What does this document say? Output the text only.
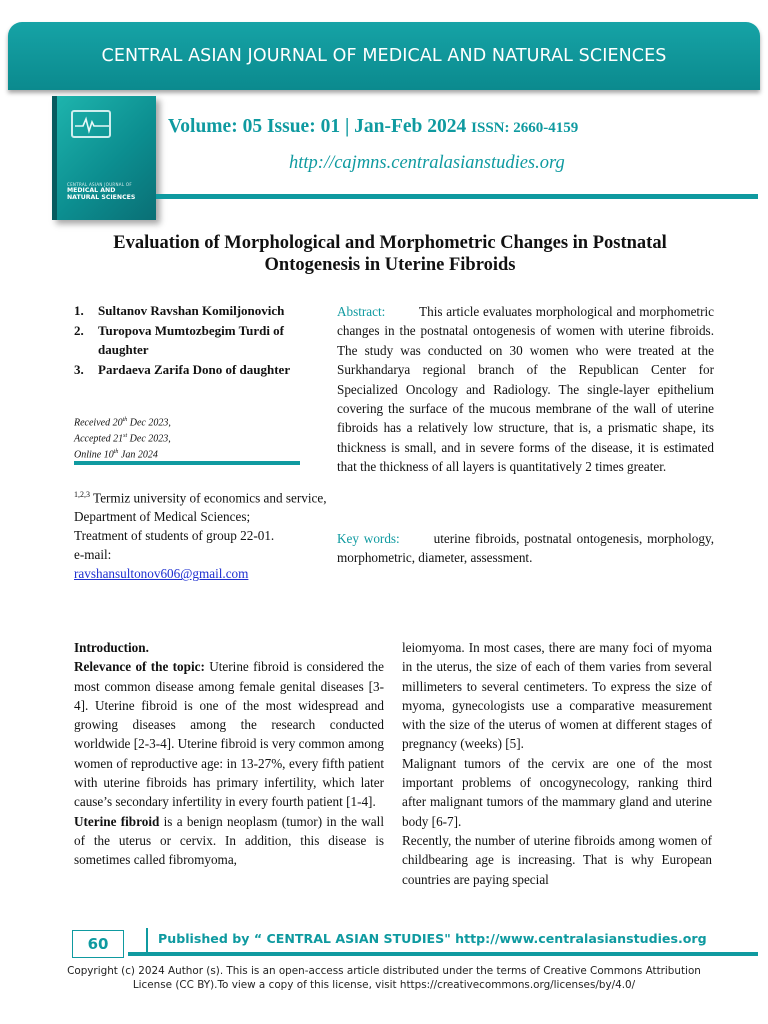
CENTRAL ASIAN JOURNAL OF MEDICAL AND NATURAL SCIENCES
CENTRAL ASIAN JOURNAL OF
MEDICAL AND
NATURAL SCIENCES
Volume: 05 Issue: 01 | Jan-Feb 2024 ISSN: 2660-4159
http://cajmns.centralasianstudies.org
Evaluation of Morphological and Morphometric Changes in Postnatal
Ontogenesis in Uterine Fibroids
1.	Sultanov Ravshan Komiljonovich
2.	Turopova Mumtozbegim Turdi of daughter
3.	Pardaeva Zarifa Dono of daughter
Received 20th Dec 2023,
Accepted 21st Dec 2023,
Online 10th Jan 2024
$^{1,2,3}$ Termiz university of economics and service,
Department of Medical Sciences;
Treatment of students of group 22-01.
e-mail:
ravshansultonov606@gmail.com
Abstract:	This article evaluates morphological and morphometric changes in the postnatal ontogenesis of women with uterine fibroids. The study was conducted on 30 women who were treated at the Surkhandarya regional branch of the Republican Center for Specialized Oncology and Radiology. The single-layer epithelium covering the surface of the mucous membrane of the wall of uterine fibroids has a relatively low structure, that is, a prismatic shape, its thickness is small, and in severe forms of the disease, it is estimated that the thickness of all layers is quantitatively 2 times greater.
Key words:	uterine fibroids, postnatal ontogenesis, morphology, morphometric, diameter, assessment.

Introduction.

Relevance of the topic: Uterine fibroid is considered the most common disease among female genital diseases [3-4]. Uterine fibroid is one of the most widespread and growing diseases among the research conducted worldwide [2-3-4]. Uterine fibroid is very common among women of reproductive age: in 13-27%, every fifth patient with uterine fibroids has primary infertility, which later cause’s secondary infertility in every fourth patient [1-4].

Uterine fibroid is a benign neoplasm (tumor) in the wall of the uterus or cervix. In addition, this disease is sometimes called fibromyoma,

leiomyoma. In most cases, there are many foci of myoma in the uterus, the size of each of them varies from several millimeters to several centimeters. To express the size of myoma, gynecologists use a comparative measurement with the size of the uterus of women at different stages of pregnancy (weeks) [5].

Malignant tumors of the cervix are one of the most important problems of oncogynecology, ranking third after malignant tumors of the mammary gland and uterine body [6-7].

Recently, the number of uterine fibroids among women of childbearing age is increasing. That is why European countries are paying special

60	Published by “ CENTRAL ASIAN STUDIES" http://www.centralasianstudies.org
Copyright (c) 2024 Author (s). This is an open-access article distributed under the terms of Creative Commons Attribution License (CC BY).To view a copy of this license, visit https://creativecommons.org/licenses/by/4.0/
